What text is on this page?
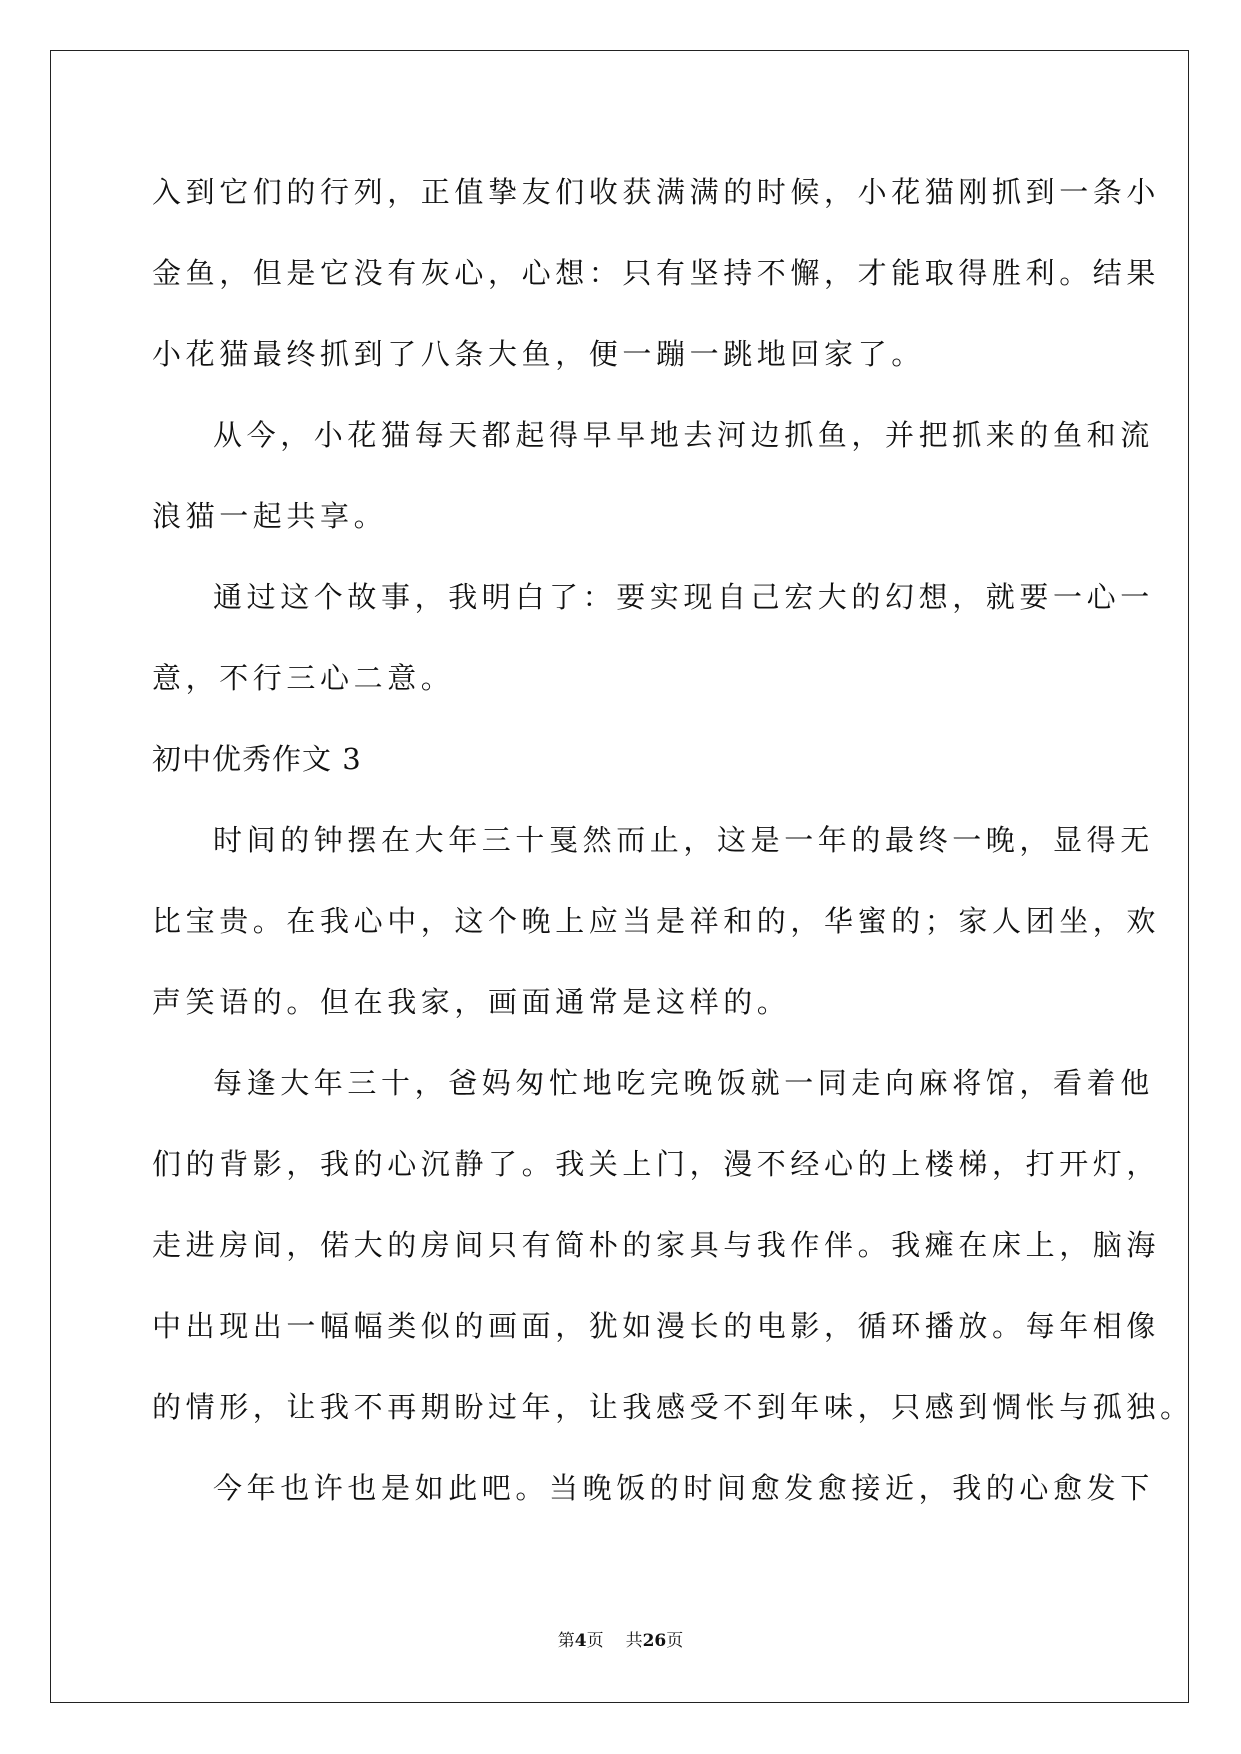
入到它们的行列，正值挚友们收获满满的时候，小花猫刚抓到一条小

金鱼，但是它没有灰心，心想：只有坚持不懈，才能取得胜利。结果

小花猫最终抓到了八条大鱼，便一蹦一跳地回家了。

从今，小花猫每天都起得早早地去河边抓鱼，并把抓来的鱼和流

浪猫一起共享。

通过这个故事，我明白了：要实现自己宏大的幻想，就要一心一

意，不行三心二意。

初中优秀作文 3

时间的钟摆在大年三十戛然而止，这是一年的最终一晚，显得无

比宝贵。在我心中，这个晚上应当是祥和的，华蜜的；家人团坐，欢

声笑语的。但在我家，画面通常是这样的。

每逢大年三十，爸妈匆忙地吃完晚饭就一同走向麻将馆，看着他

们的背影，我的心沉静了。我关上门，漫不经心的上楼梯，打开灯，

走进房间，偌大的房间只有简朴的家具与我作伴。我瘫在床上，脑海

中出现出一幅幅类似的画面，犹如漫长的电影，循环播放。每年相像

的情形，让我不再期盼过年，让我感受不到年味，只感到惆怅与孤独。

今年也许也是如此吧。当晚饭的时间愈发愈接近，我的心愈发下

第4页 共26页
